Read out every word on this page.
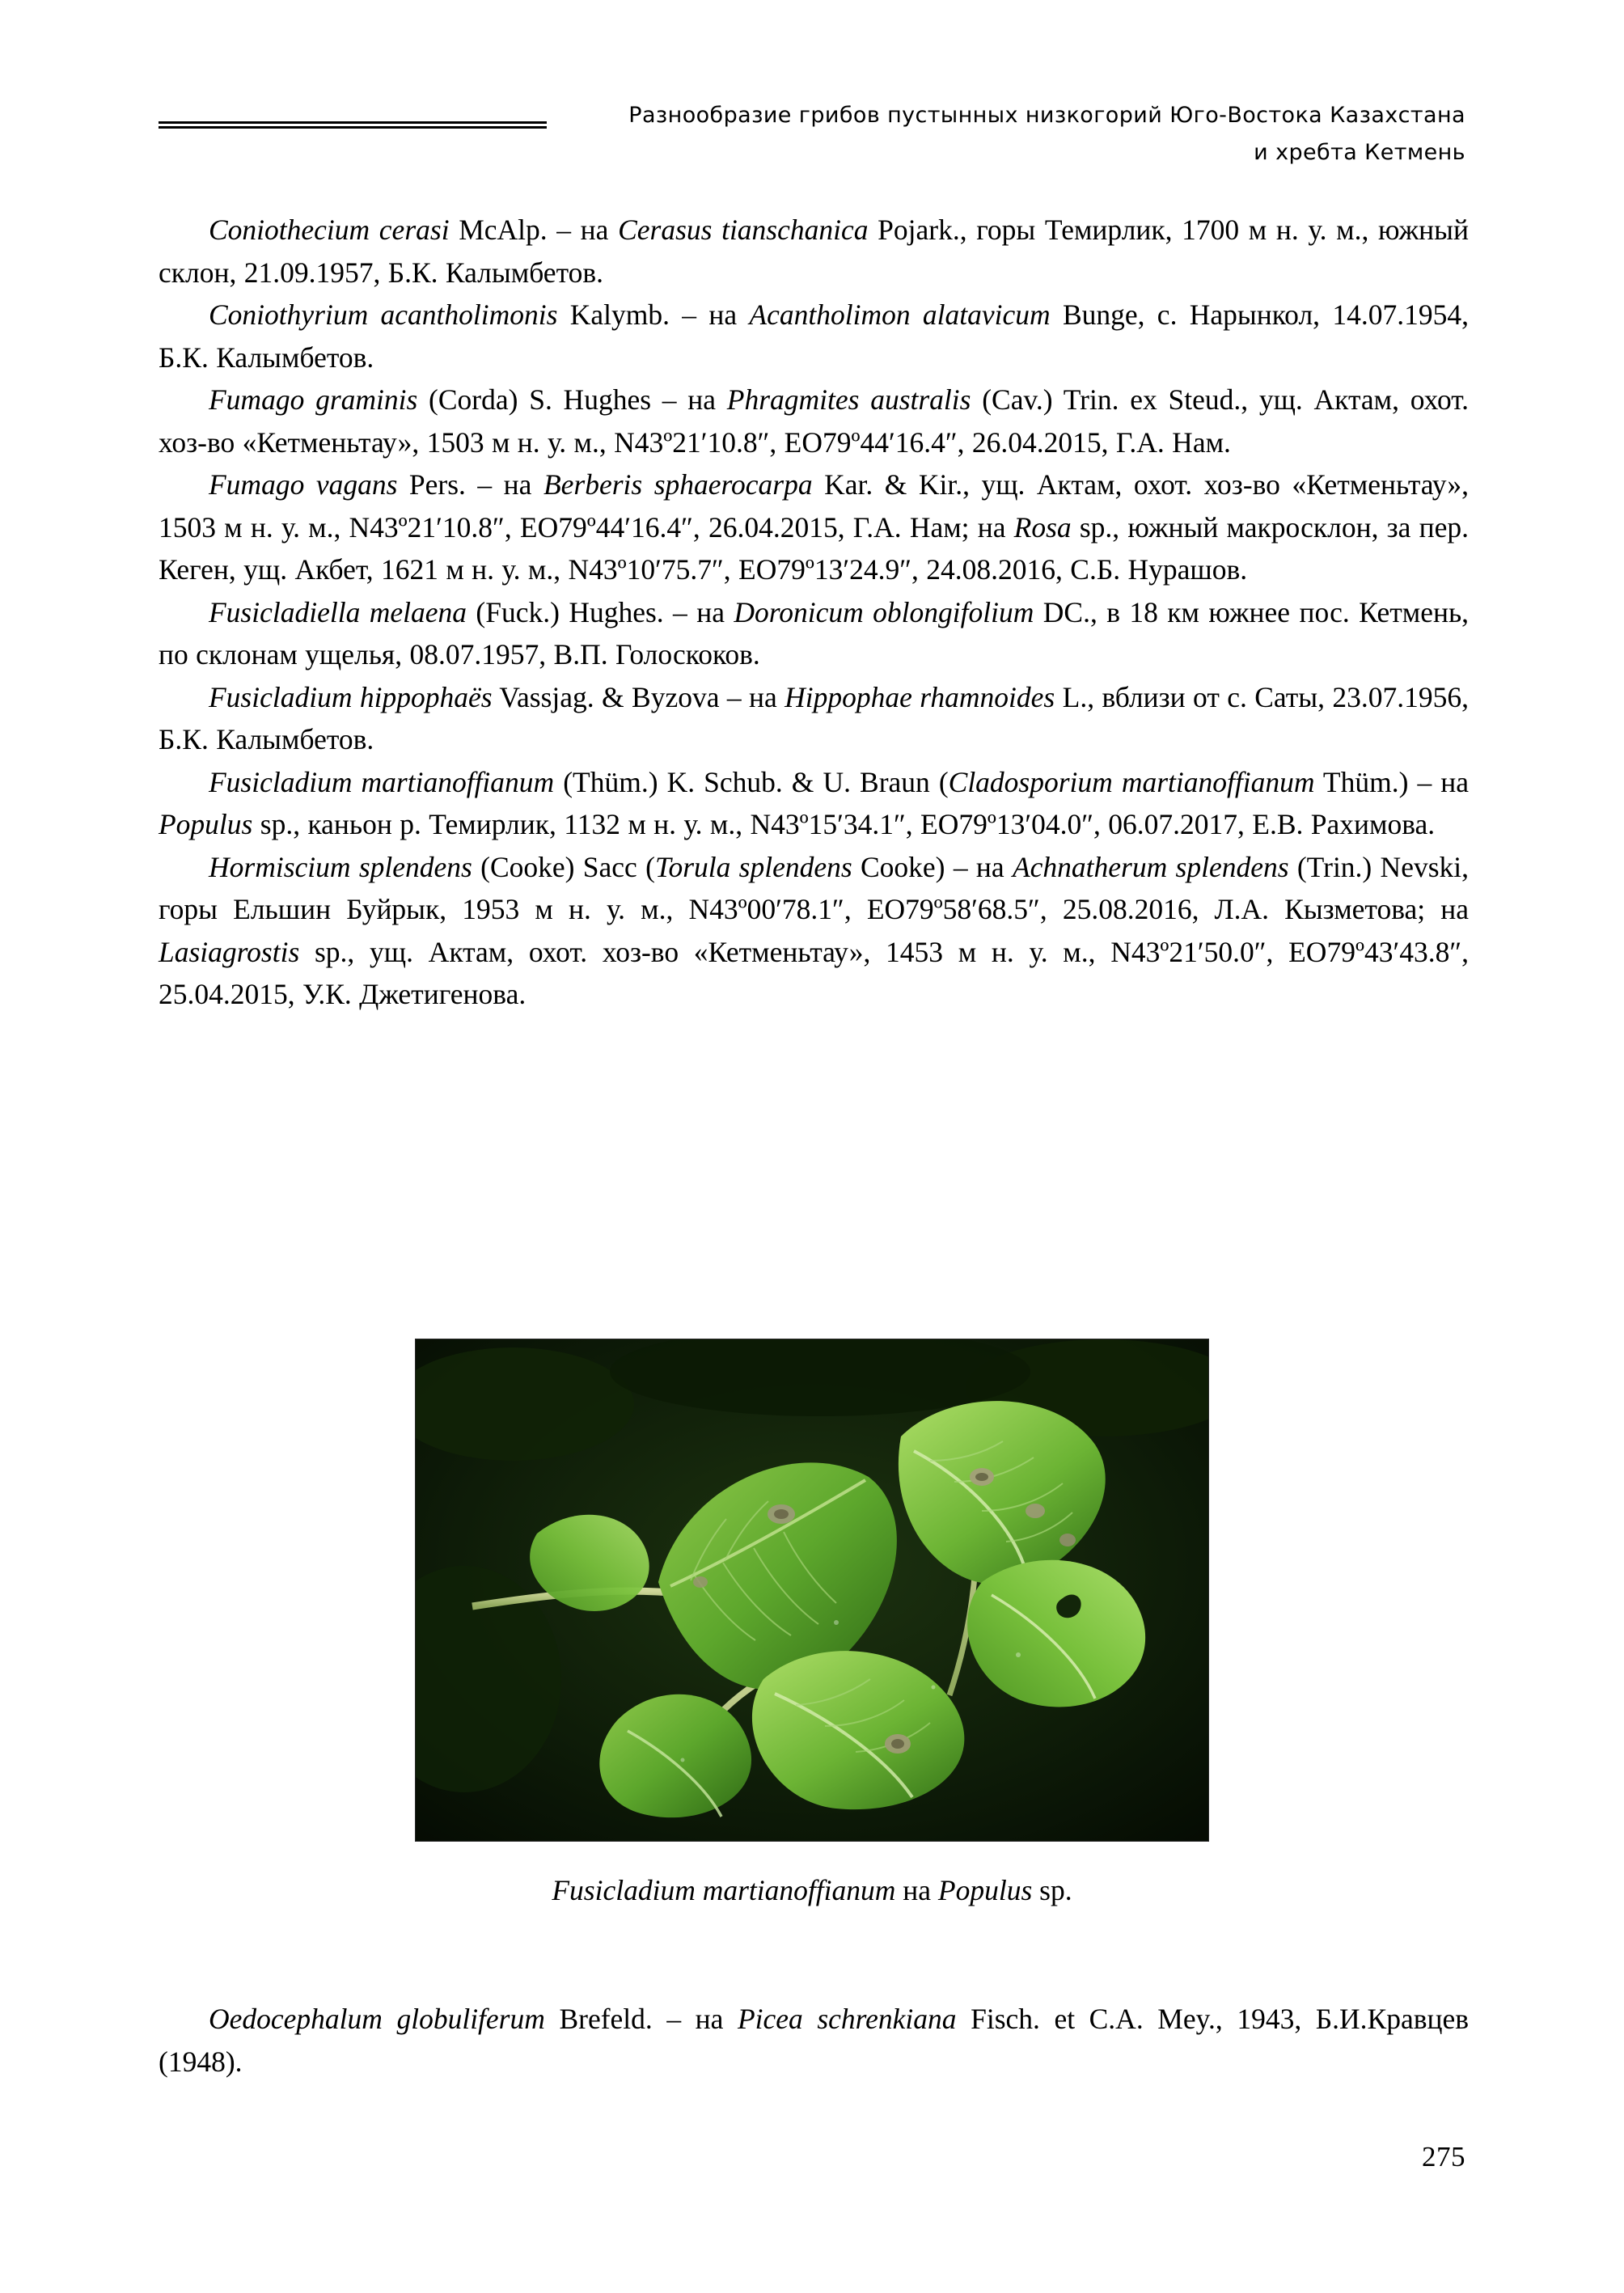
Разнообразие грибов пустынных низкогорий Юго-Востока Казахстана
и хребта Кетмень

Coniothecium cerasi McAlp. – на Cerasus tianschanica Pojark., горы Темирлик, 1700 м н. у. м., южный склон, 21.09.1957, Б.К. Калымбетов.

Coniothyrium acantholimonis Kalymb. – на Acantholimon alatavicum Bunge, с. Нарынкол, 14.07.1954, Б.К. Калымбетов.

Fumago graminis (Corda) S. Hughes – на Phragmites australis (Cav.) Trin. ex Steud., ущ. Актам, охот. хоз-во «Кетменьтау», 1503 м н. у. м., N43º21′10.8″, ЕО79º44′16.4″, 26.04.2015, Г.А. Нам.

Fumago vagans Pers. – на Berberis sphaerocarpa Kar. & Kir., ущ. Актам, охот. хоз-во «Кетменьтау», 1503 м н. у. м., N43º21′10.8″, ЕО79º44′16.4″, 26.04.2015, Г.А. Нам; на Rosa sp., южный макросклон, за пер. Кеген, ущ. Акбет, 1621 м н. у. м., N43º10′75.7″, ЕО79º13′24.9″, 24.08.2016, С.Б. Нурашов.

Fusicladiella melaena (Fuck.) Hughes. – на Doronicum oblongifolium DC., в 18 км южнее пос. Кетмень, по склонам ущелья, 08.07.1957, В.П. Голоскоков.

Fusicladium hippophaës Vassjag. & Byzova – на Hippophae rhamnoides L., вблизи от с. Саты, 23.07.1956, Б.К. Калымбетов.

Fusicladium martianoffianum (Thüm.) K. Schub. & U. Braun (Cladosporium martianoffianum Thüm.) – на Populus sp., каньон р. Темирлик, 1132 м н. у. м., N43º15′34.1″, ЕО79º13′04.0″, 06.07.2017, Е.В. Рахимова.

Hormiscium splendens (Cooke) Sacc (Torula splendens Cooke) – на Achnatherum splendens (Trin.) Nevski, горы Ельшин Буйрык, 1953 м н. у. м., N43º00′78.1″, ЕО79º58′68.5″, 25.08.2016, Л.А. Кызметова; на Lasiagrostis sp., ущ. Актам, охот. хоз-во «Кетменьтау», 1453 м н. у. м., N43º21′50.0″, ЕО79º43′43.8″, 25.04.2015, У.К. Джетигенова.

Fusicladium martianoffianum на Populus sp.

Oedocephalum globuliferum Brefeld. – на Picea schrenkiana Fisch. et C.A. Mey., 1943, Б.И.Кравцев (1948).

275
